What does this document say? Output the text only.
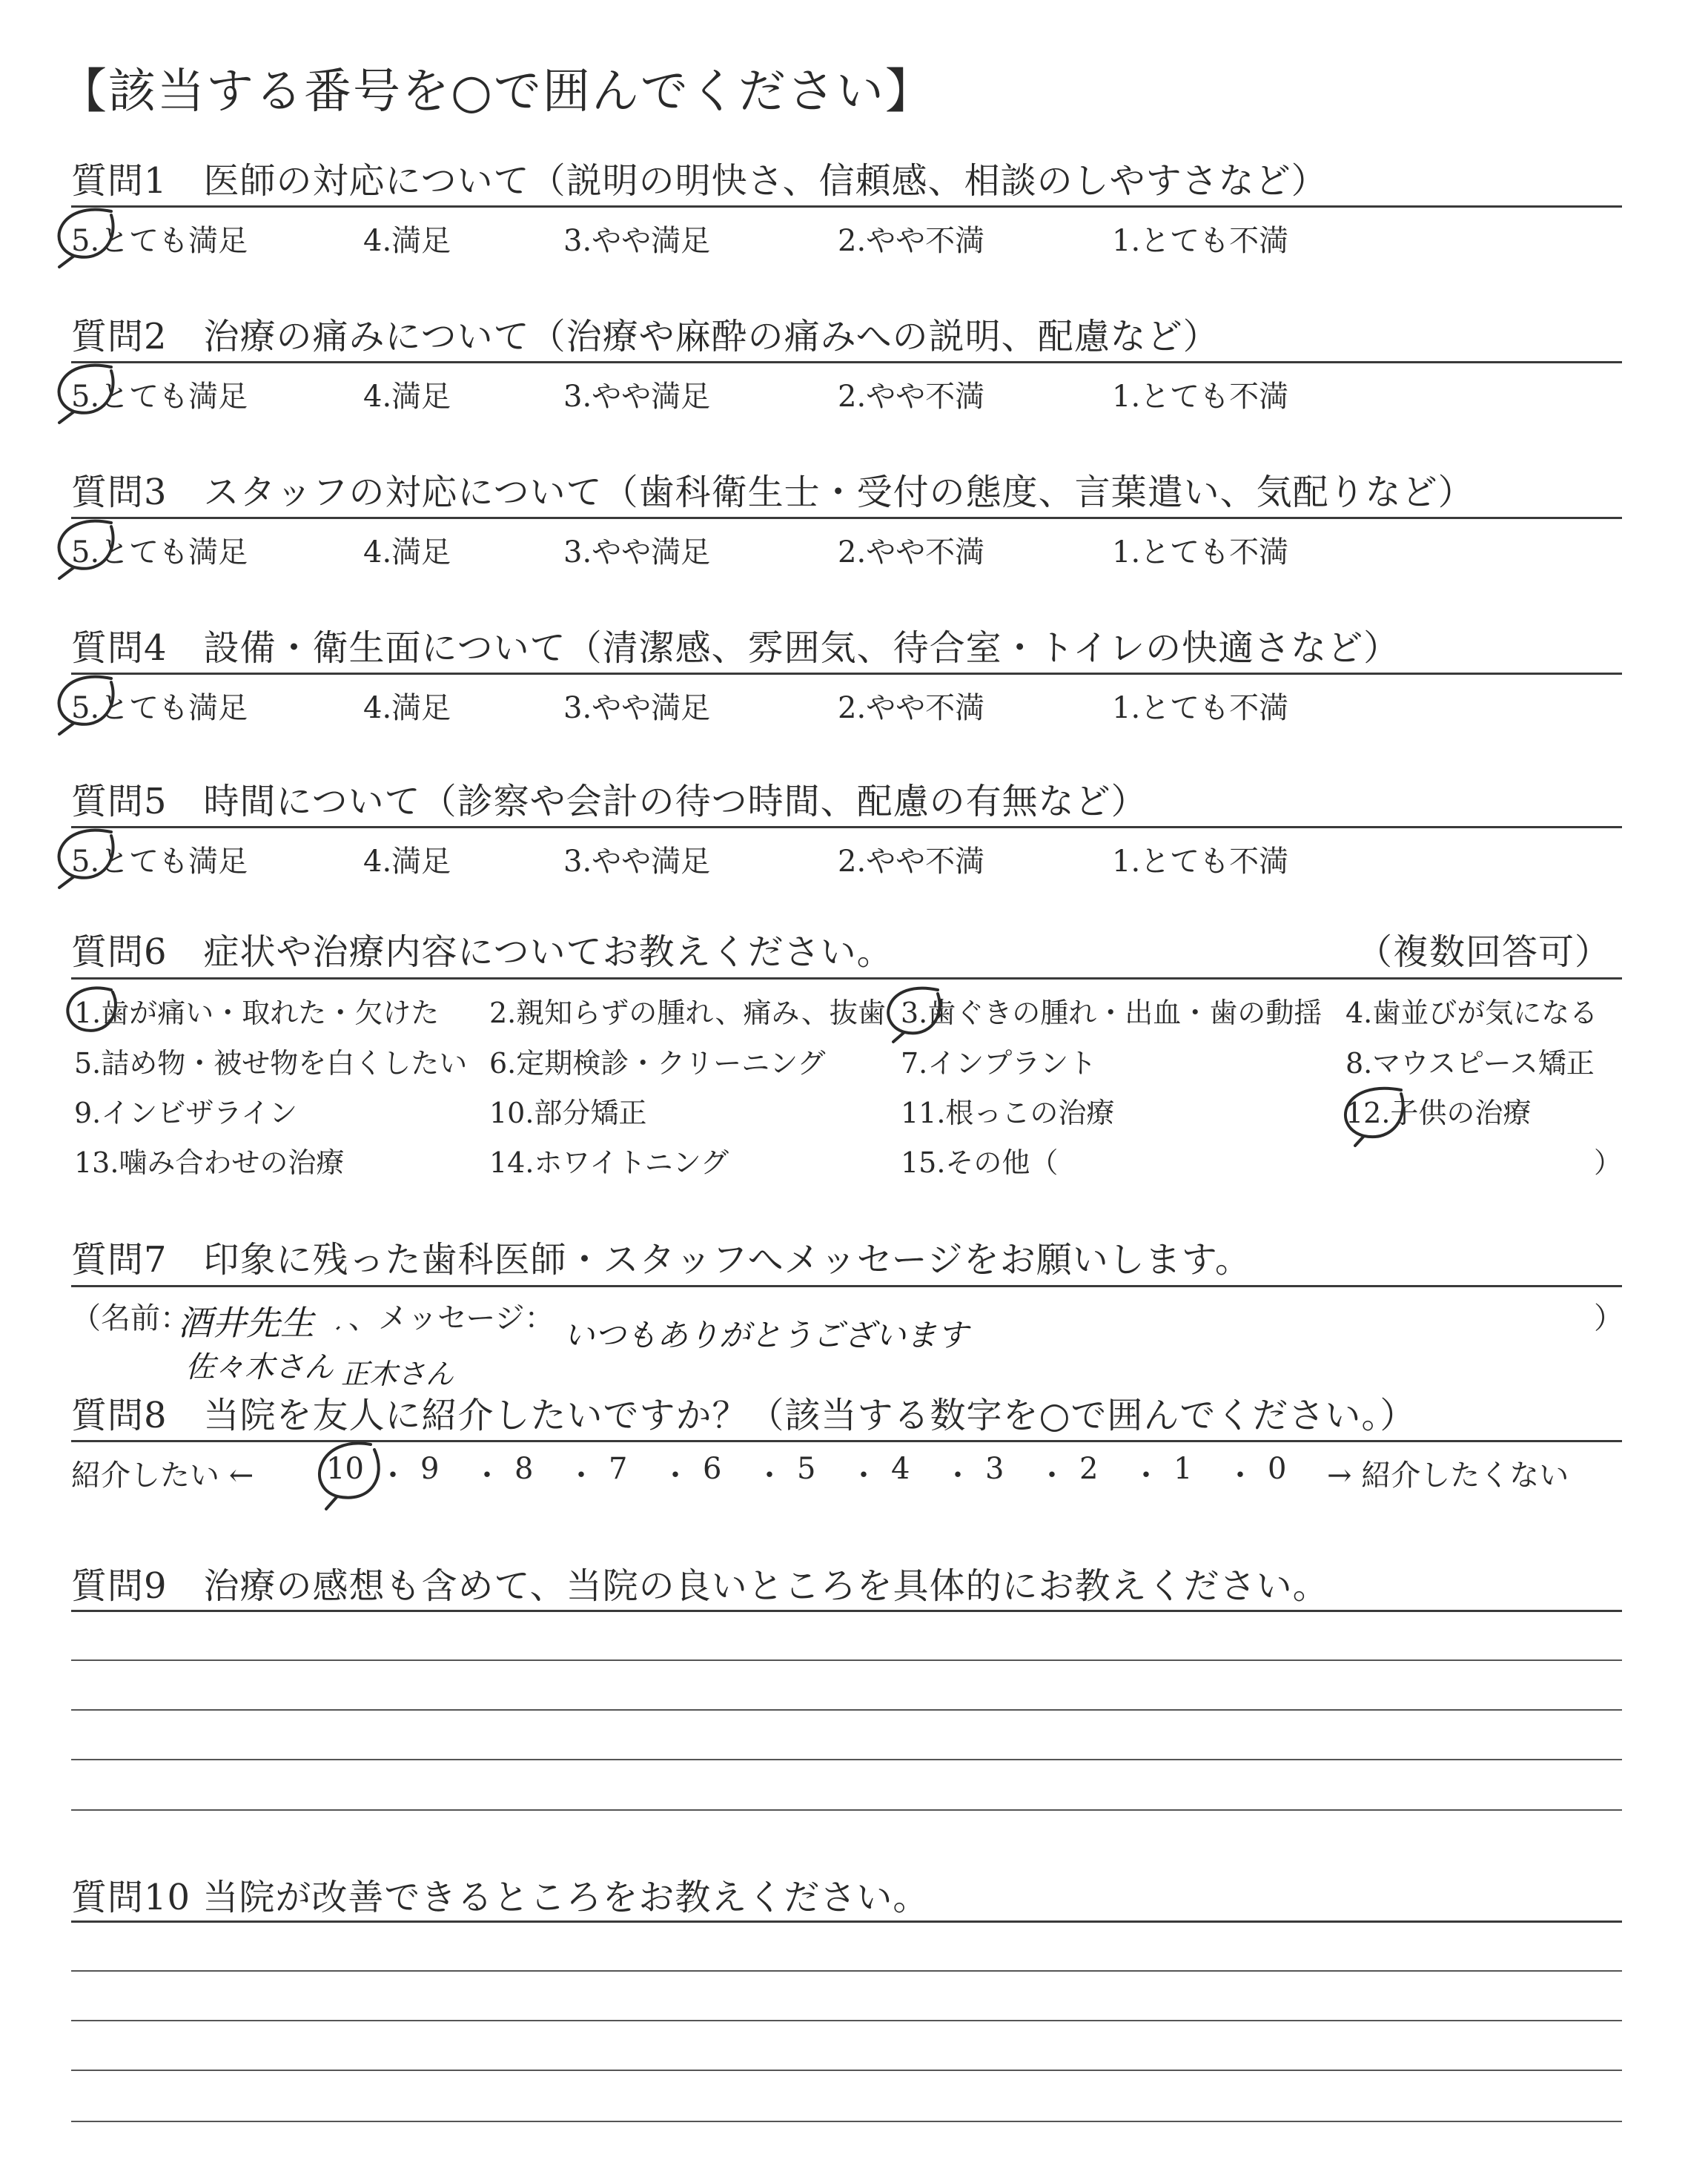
【該当する番号を○で囲んでください】
質問1　医師の対応について（説明の明快さ、信頼感、相談のしやすさなど）
5.とても満足	4.満足	3.やや満足	2.やや不満	1.とても不満
質問2　治療の痛みについて（治療や麻酔の痛みへの説明、配慮など）
5.とても満足	4.満足	3.やや満足	2.やや不満	1.とても不満
質問3　スタッフの対応について（歯科衛生士・受付の態度、言葉遣い、気配りなど）
5.とても満足	4.満足	3.やや満足	2.やや不満	1.とても不満
質問4　設備・衛生面について（清潔感、雰囲気、待合室・トイレの快適さなど）
5.とても満足	4.満足	3.やや満足	2.やや不満	1.とても不満
質問5　時間について（診察や会計の待つ時間、配慮の有無など）
5.とても満足	4.満足	3.やや満足	2.やや不満	1.とても不満
質問6　症状や治療内容についてお教えください。	（複数回答可）
1.歯が痛い・取れた・欠けた 2.親知らずの腫れ、痛み、抜歯 3.歯ぐきの腫れ・出血・歯の動揺 4.歯並びが気になる
5.詰め物・被せ物を白くしたい 6.定期検診・クリーニング	7.インプラント	8.マウスピース矯正
9.インビザライン	10.部分矯正	11.根っこの治療	12.子供の治療
13.噛み合わせの治療	14.ホワイトニング	15.その他（	）
質問7　印象に残った歯科医師・スタッフへメッセージをお願いします。
（名前：	、メッセージ：	）
酒井先生
佐々木さん 正木さん
いつもありがとうございます
質問8　当院を友人に紹介したいですか？（該当する数字を○で囲んでください。）
紹介したい ←	→ 紹介したくない
10 ・ 9 ・ 8 ・ 7 ・ 6 ・ 5 ・ 4 ・ 3 ・ 2 ・ 1 ・ 0
質問9　治療の感想も含めて、当院の良いところを具体的にお教えください。
質問10 当院が改善できるところをお教えください。
